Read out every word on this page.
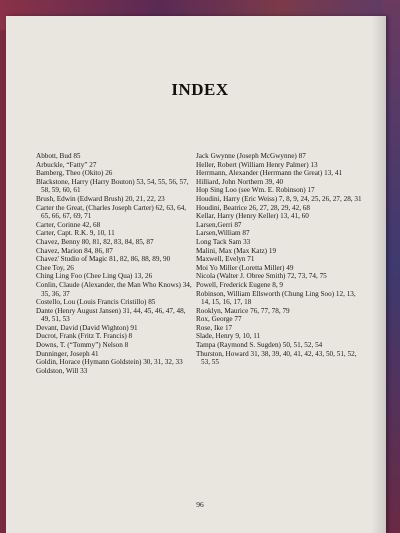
INDEX

Abbott, Bud 85

Arbuckle, “Fatty” 27

Bamberg, Theo (Okito) 26

Blackstone, Harry (Harry Bouton) 53, 54, 55, 56, 57, 58, 59, 60, 61

Brush, Edwin (Edward Brush) 20, 21, 22, 23

Carter the Great, (Charles Joseph Carter) 62, 63, 64, 65, 66, 67, 69, 71

Carter, Corinne 42, 68

Carter, Capt. R.K. 9, 10, 11

Chavez, Benny 80, 81, 82, 83, 84, 85, 87

Chavez, Marion 84, 86, 87

Chavez' Studio of Magic 81, 82, 86, 88, 89, 90

Chee Toy, 26

Ching Ling Foo (Chee Ling Qua) 13, 26

Conlin, Claude (Alexander, the Man Who Knows) 34, 35, 36, 37

Costello, Lou (Louis Francis Cristillo) 85

Dante (Henry August Jansen) 31, 44, 45, 46, 47, 48, 49, 51, 53

Devant, David (David Wighton) 91

Ducrot, Frank (Fritz T. Francis) 8

Downs, T. (“Tommy”) Nelson 8

Dunninger, Joseph 41

Goldin, Horace (Hymann Goldstein) 30, 31, 32, 33

Goldston, Will 33

Jack Gwynne (Joseph McGwynne) 87

Heller, Robert (William Henry Palmer) 13

Herrmann, Alexander (Herrmann the Great) 13, 41

Hilliard, John Northern 39, 40

Hop Sing Loo (see Wm. E. Robinson) 17

Houdini, Harry (Eric Weiss) 7, 8, 9, 24, 25, 26, 27, 28, 31

Houdini, Beatrice 26, 27, 28, 29, 42, 68

Kellar, Harry (Henry Keller) 13, 41, 60

Larsen,Gerri 87

Larsen,William 87

Long Tack Sam 33

Malini, Max (Max Katz) 19

Maxwell, Evelyn 71

Moi Yo Miller (Loretta Miller) 49

Nicola (Walter J. Obree Smith) 72, 73, 74, 75

Powell, Frederick Eugene 8, 9

Robinson, William Ellsworth (Chung Ling Soo) 12, 13, 14, 15, 16, 17, 18

Rooklyn, Maurice 76, 77, 78, 79

Rox, George 77

Rose, Ike 17

Slade, Henry 9, 10, 11

Tampa (Raymond S. Sugden) 50, 51, 52, 54

Thurston, Howard 31, 38, 39, 40, 41, 42, 43, 50, 51, 52, 53, 55

96
